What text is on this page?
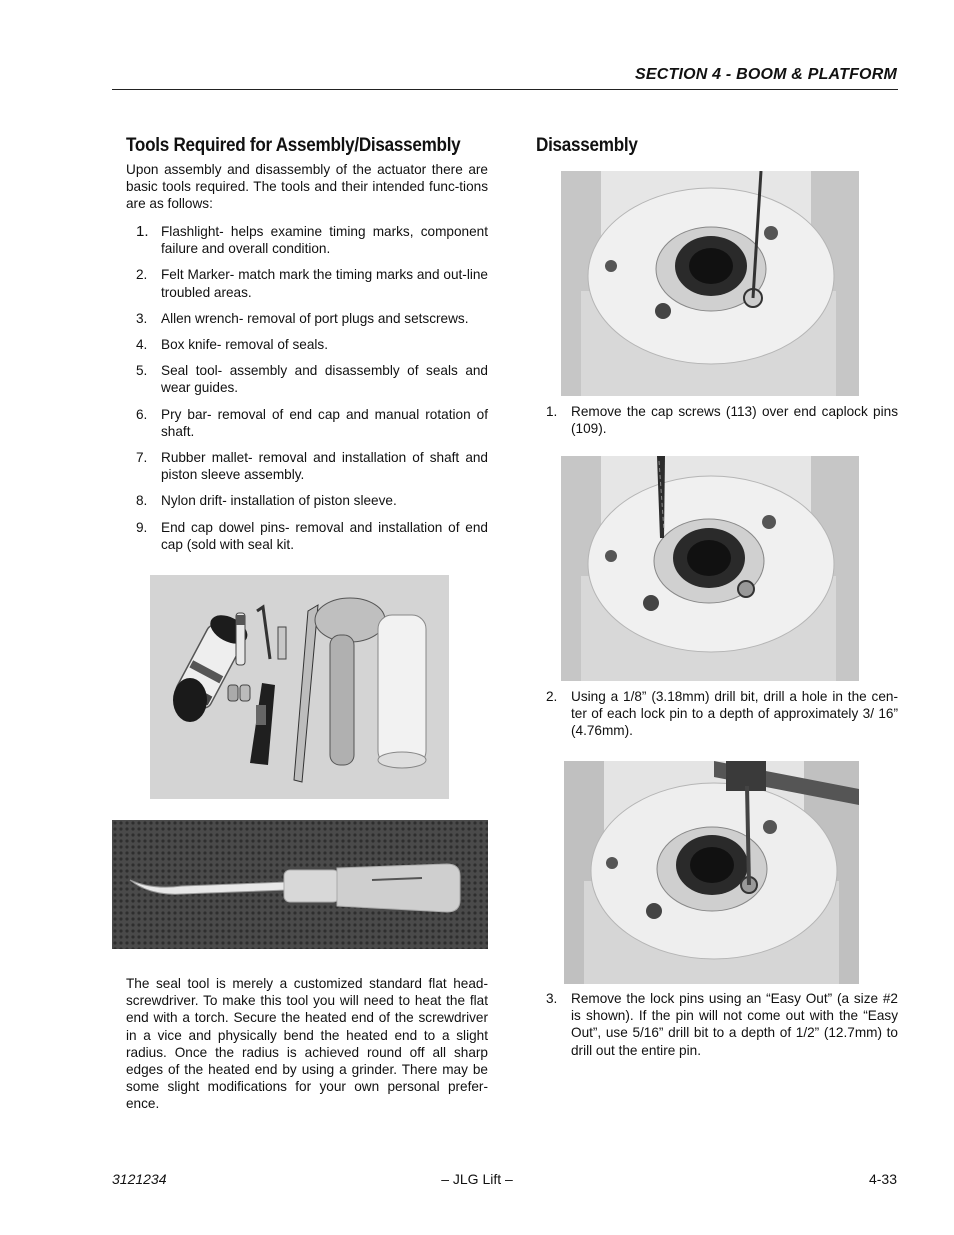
SECTION 4 - BOOM & PLATFORM
Tools Required for Assembly/Disassembly
Upon assembly and disassembly of the actuator there are basic tools required. The tools and their intended func-tions are as follows:
1. Flashlight- helps examine timing marks, component failure and overall condition.
2. Felt Marker- match mark the timing marks and out-line troubled areas.
3. Allen wrench- removal of port plugs and setscrews.
4. Box knife- removal of seals.
5. Seal tool- assembly and disassembly of seals and wear guides.
6. Pry bar- removal of end cap and manual rotation of shaft.
7. Rubber mallet- removal and installation of shaft and piston sleeve assembly.
8. Nylon drift- installation of piston sleeve.
9. End cap dowel pins- removal and installation of end cap (sold with seal kit.
The seal tool is merely a customized standard flat head-screwdriver. To make this tool you will need to heat the flat end with a torch. Secure the heated end of the screwdriver in a vice and physically bend the heated end to a slight radius. Once the radius is achieved round off all sharp edges of the heated end by using a grinder. There may be some slight modifications for your own personal prefer-ence.
Disassembly
1. Remove the cap screws (113) over end caplock pins (109).
2. Using a 1/8” (3.18mm) drill bit, drill a hole in the cen-ter of each lock pin to a depth of approximately 3/ 16” (4.76mm).
3. Remove the lock pins using an “Easy Out” (a size #2 is shown). If the pin will not come out with the “Easy Out”, use 5/16” drill bit to a depth of 1/2” (12.7mm) to drill out the entire pin.
3121234	– JLG Lift –	4-33
